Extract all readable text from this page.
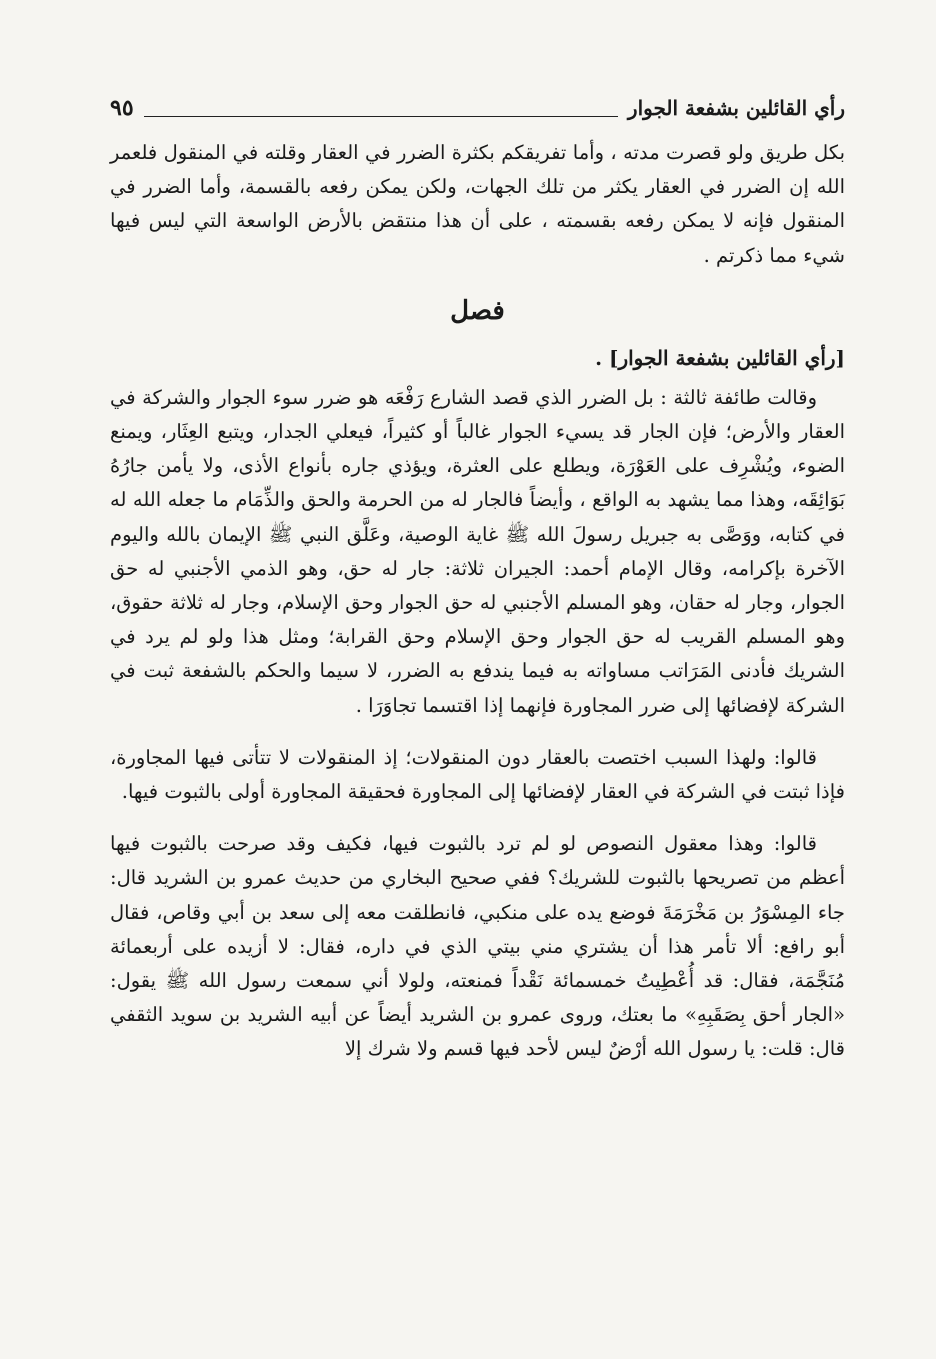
رأي القائلين بشفعة الجوار
٩٥

بكل طريق ولو قصرت مدته ، وأما تفريقكم بكثرة الضرر في العقار وقلته في المنقول فلعمر الله إن الضرر في العقار يكثر من تلك الجهات، ولكن يمكن رفعه بالقسمة، وأما الضرر في المنقول فإنه لا يمكن رفعه بقسمته ، على أن هذا منتقض بالأرض الواسعة التي ليس فيها شيء مما ذكرتم .

فصل
[رأي القائلين بشفعة الجوار] .

وقالت طائفة ثالثة : بل الضرر الذي قصد الشارع رَفْعَه هو ضرر سوء الجوار والشركة في العقار والأرض؛ فإن الجار قد يسيء الجوار غالباً أو كثيراً، فيعلي الجدار، ويتبع العِثَار، ويمنع الضوء، ويُشْرِف على العَوْرَة، ويطلع على العثرة، ويؤذي جاره بأنواع الأذى، ولا يأمن جارُهُ بَوَائِقَه، وهذا مما يشهد به الواقع ، وأيضاً فالجار له من الحرمة والحق والذِّمَام ما جعله الله له في كتابه، ووَصَّى به جبريل رسولَ الله ﷺ غاية الوصية، وعَلَّق النبي ﷺ الإيمان بالله واليوم الآخرة بإكرامه، وقال الإمام أحمد: الجيران ثلاثة: جار له حق، وهو الذمي الأجنبي له حق الجوار، وجار له حقان، وهو المسلم الأجنبي له حق الجوار وحق الإسلام، وجار له ثلاثة حقوق، وهو المسلم القريب له حق الجوار وحق الإسلام وحق القرابة؛ ومثل هذا ولو لم يرد في الشريك فأدنى المَرَاتب مساواته به فيما يندفع به الضرر، لا سيما والحكم بالشفعة ثبت في الشركة لإفضائها إلى ضرر المجاورة فإنهما إذا اقتسما تجاوَرَا .

قالوا: ولهذا السبب اختصت بالعقار دون المنقولات؛ إذ المنقولات لا تتأتى فيها المجاورة، فإذا ثبتت في الشركة في العقار لإفضائها إلى المجاورة فحقيقة المجاورة أولى بالثبوت فيها.

قالوا: وهذا معقول النصوص لو لم ترد بالثبوت فيها، فكيف وقد صرحت بالثبوت فيها أعظم من تصريحها بالثبوت للشريك؟ ففي صحيح البخاري من حديث عمرو بن الشريد قال: جاء المِسْوَرُ بن مَخْرَمَةَ فوضع يده على منكبي، فانطلقت معه إلى سعد بن أبي وقاص، فقال أبو رافع: ألا تأمر هذا أن يشتري مني بيتي الذي في داره، فقال: لا أزيده على أربعمائة مُنَجَّمَة، فقال: قد أُعْطِيتُ خمسمائة نَقْداً فمنعته، ولولا أني سمعت رسول الله ﷺ يقول: «الجار أحق بِصَقَبِهِ» ما بعتك، وروى عمرو بن الشريد أيضاً عن أبيه الشريد بن سويد الثقفي قال: قلت: يا رسول الله أرْضٌ ليس لأحد فيها قسم ولا شرك إلا
